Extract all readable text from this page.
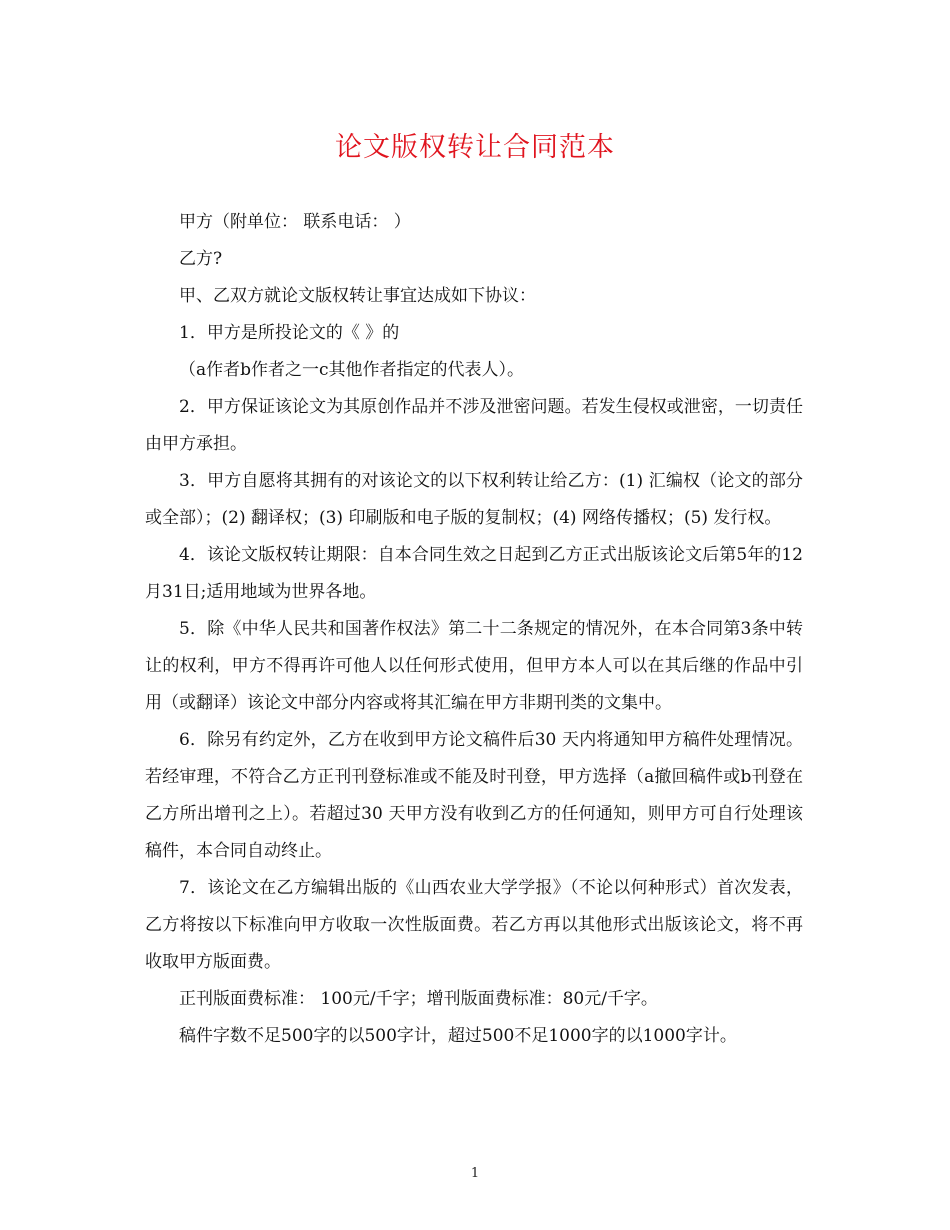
论文版权转让合同范本

甲方（附单位： 联系电话： ）

乙方?

甲、乙双方就论文版权转让事宜达成如下协议：

1．甲方是所投论文的《 》的

（a作者b作者之一c其他作者指定的代表人）。

2．甲方保证该论文为其原创作品并不涉及泄密问题。若发生侵权或泄密，一切责任由甲方承担。

3．甲方自愿将其拥有的对该论文的以下权利转让给乙方：(1) 汇编权（论文的部分或全部）；(2) 翻译权；(3) 印刷版和电子版的复制权；(4) 网络传播权；(5) 发行权。

4．该论文版权转让期限：自本合同生效之日起到乙方正式出版该论文后第5年的12月31日;适用地域为世界各地。

5．除《中华人民共和国著作权法》第二十二条规定的情况外，在本合同第3条中转让的权利，甲方不得再许可他人以任何形式使用，但甲方本人可以在其后继的作品中引用（或翻译）该论文中部分内容或将其汇编在甲方非期刊类的文集中。

6．除另有约定外，乙方在收到甲方论文稿件后30 天内将通知甲方稿件处理情况。若经审理，不符合乙方正刊刊登标准或不能及时刊登，甲方选择（a撤回稿件或b刊登在乙方所出增刊之上）。若超过30 天甲方没有收到乙方的任何通知，则甲方可自行处理该稿件，本合同自动终止。

7．该论文在乙方编辑出版的《山西农业大学学报》（不论以何种形式）首次发表，乙方将按以下标准向甲方收取一次性版面费。若乙方再以其他形式出版该论文，将不再收取甲方版面费。

正刊版面费标准： 100元/千字；增刊版面费标准：80元/千字。

稿件字数不足500字的以500字计，超过500不足1000字的以1000字计。

1
